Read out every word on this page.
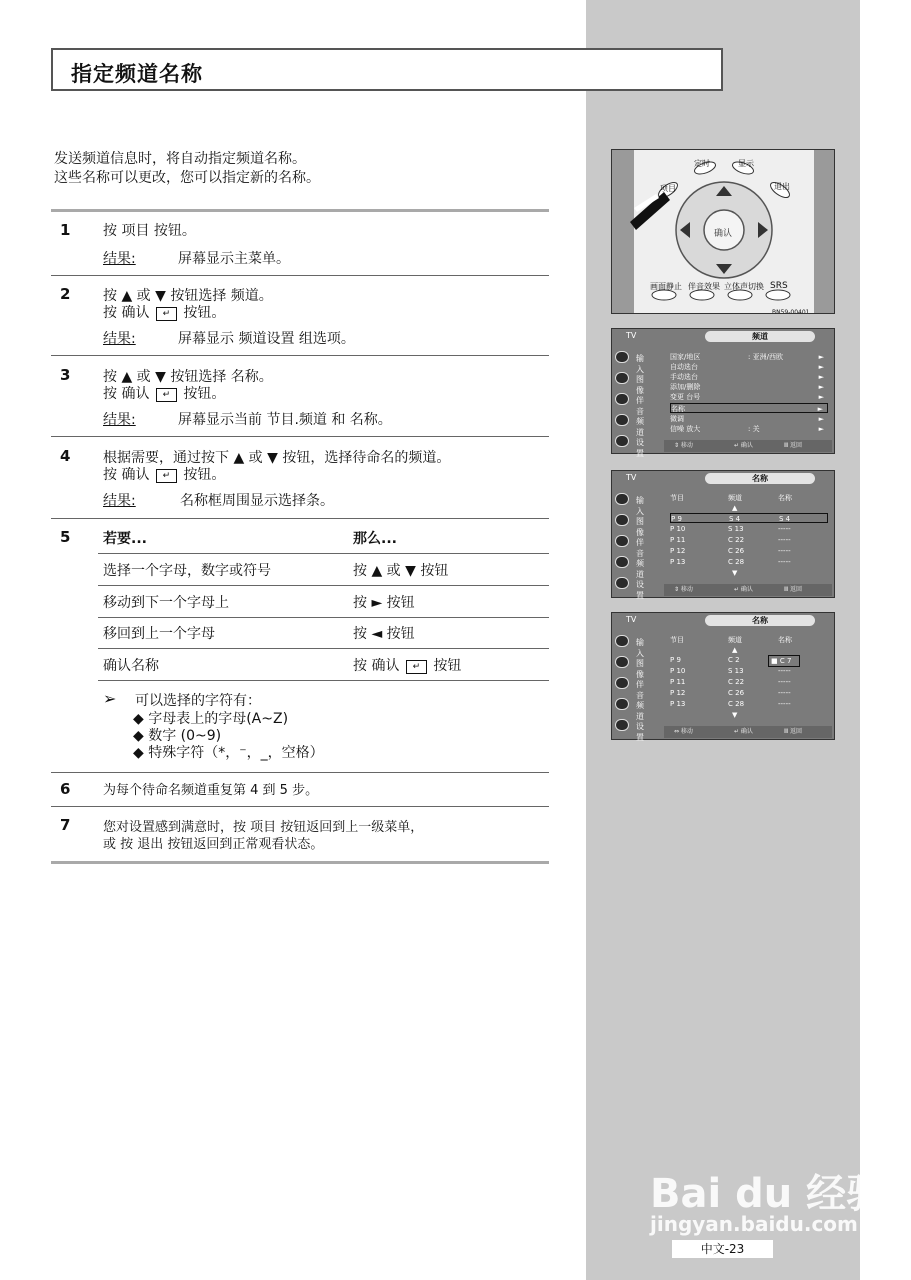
指定频道名称
发送频道信息时，将自动指定频道名称。
这些名称可以更改，您可以指定新的名称。
1 按 项目 按钮。
结果:	屏幕显示主菜单。
2 按 ▲ 或 ▼ 按钮选择 频道。
按 确认 ↵ 按钮。
结果:	屏幕显示 频道设置 组选项。
3 按 ▲ 或 ▼ 按钮选择 名称。
按 确认 ↵ 按钮。
结果:	屏幕显示当前 节目.频道 和 名称。
4 根据需要，通过按下 ▲ 或 ▼ 按钮，选择待命名的频道。
按 确认 ↵ 按钮。
结果:	名称框周围显示选择条。
5 若要...	那么...
选择一个字母，数字或符号	按 ▲ 或 ▼ 按钮
移动到下一个字母上	按 ► 按钮
移回到上一个字母	按 ◄ 按钮
确认名称	按 确认 ↵ 按钮
➢ 可以选择的字符有：
◆ 字母表上的字母(A~Z)
◆ 数字 (0~9)
◆ 特殊字符（*，⁻，_，空格）
6	为每个待命名频道重复第 4 到 5 步。
7	您对设置感到满意时，按 项目 按钮返回到上一级菜单，
或 按 退出 按钮返回到正常观看状态。
项目
定时	显示
退出
确认
画面静止 伴音效果 立体声切换 SRS
BN59-00401
TV	频道
输 入
图 像
伴 音
频 道
设 置
国家/地区	: 亚洲/西欧	►
自动选台	►
手动选台	►
添加/删除	►
变更 台号	►
名称	►
微调	►
信噪 放大	: 关	►
⇕ 移动	↵ 确认	Ⅲ 返回
TV	名称
输 入
图 像
伴 音
频 道
设 置
节目	频道	名称
▲
P 9	S 4	S 4
P 10	S 13	-----
P 11	C 22	-----
P 12	C 26	-----
P 13	C 28	-----
▼
⇕ 移动	↵ 确认	Ⅲ 返回
TV	名称
输 入
图 像
伴 音
频 道
设 置
节目	频道	名称
▲
P 9	C 2	■ C 7
P 10	S 13	-----
P 11	C 22	-----
P 12	C 26	-----
P 13	C 28	-----
▼
⇔ 移动	↵ 确认	Ⅲ 返回
Bai du 经验
jingyan.baidu.com
中文-23
